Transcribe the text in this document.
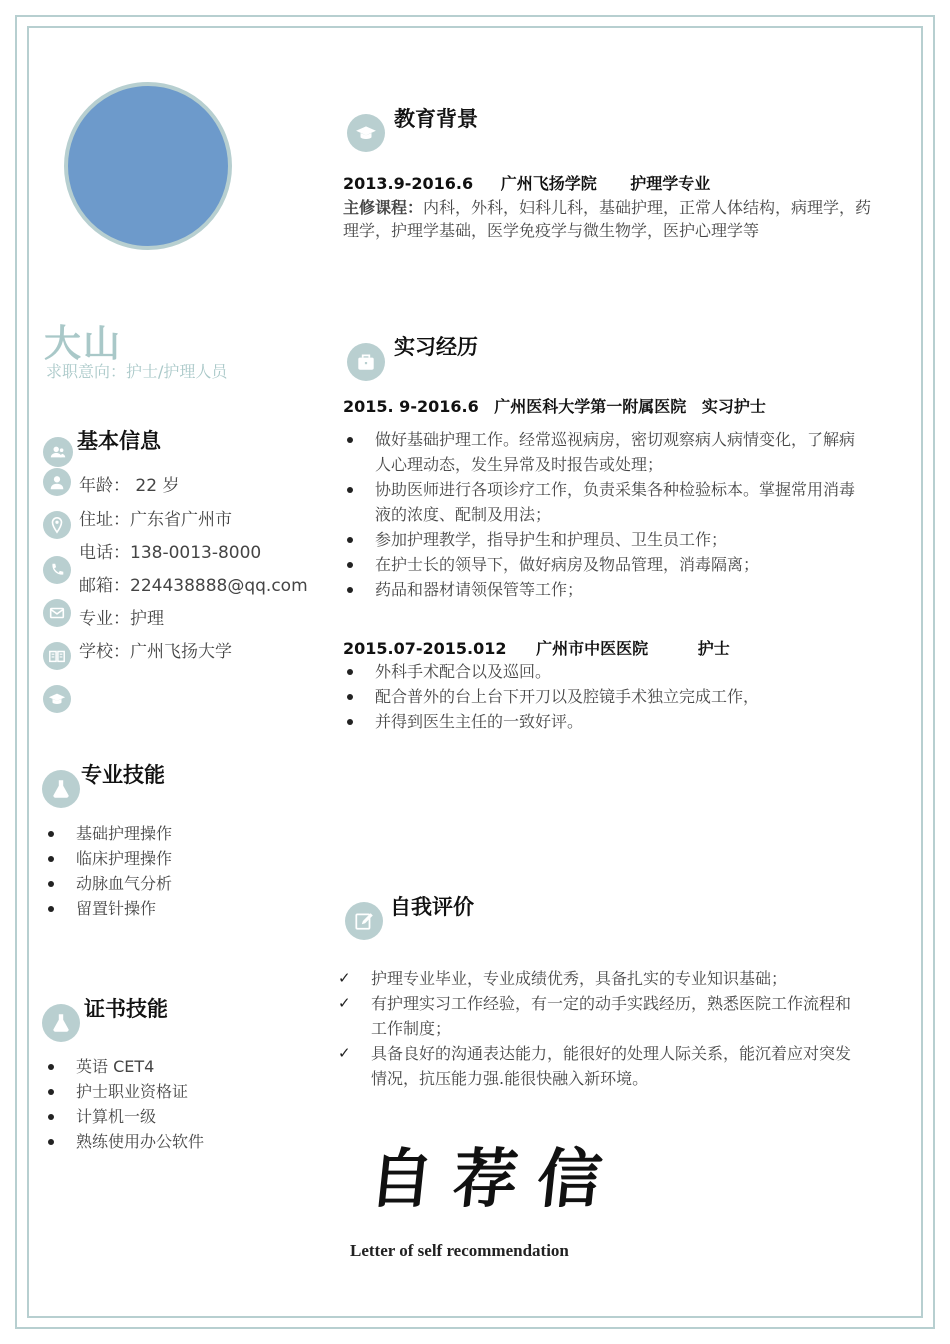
大山
求职意向：护士/护理人员
基本信息
年龄： 22 岁
住址：广东省广州市
电话：138-0013-8000
邮箱：224438888@qq.com
专业：护理
学校：广州飞扬大学
专业技能
基础护理操作
临床护理操作
动脉血气分析
留置针操作
证书技能
英语 CET4
护士职业资格证
计算机一级
熟练使用办公软件
教育背景
2013.9-2016.6 广州飞扬学院 护理学专业
主修课程：内科，外科，妇科儿科，基础护理，正常人体结构，病理学，药
理学，护理学基础，医学免疫学与微生物学，医护心理学等
实习经历
2015. 9-2016.6 广州医科大学第一附属医院 实习护士
做好基础护理工作。经常巡视病房，密切观察病人病情变化，了解病
人心理动态，发生异常及时报告或处理；
协助医师进行各项诊疗工作，负责采集各种检验标本。掌握常用消毒
液的浓度、配制及用法；
参加护理教学，指导护生和护理员、卫生员工作；
在护士长的领导下，做好病房及物品管理，消毒隔离；
药品和器材请领保管等工作；
2015.07-2015.012 广州市中医医院	护士
外科手术配合以及巡回。
配合普外的台上台下开刀以及腔镜手术独立完成工作，
并得到医生主任的一致好评。
自我评价
✓ 护理专业毕业，专业成绩优秀，具备扎实的专业知识基础；
✓ 有护理实习工作经验，有一定的动手实践经历，熟悉医院工作流程和
工作制度；
✓ 具备良好的沟通表达能力，能很好的处理人际关系，能沉着应对突发
情况，抗压能力强.能很快融入新环境。
自荐信
Letter of self recommendation
